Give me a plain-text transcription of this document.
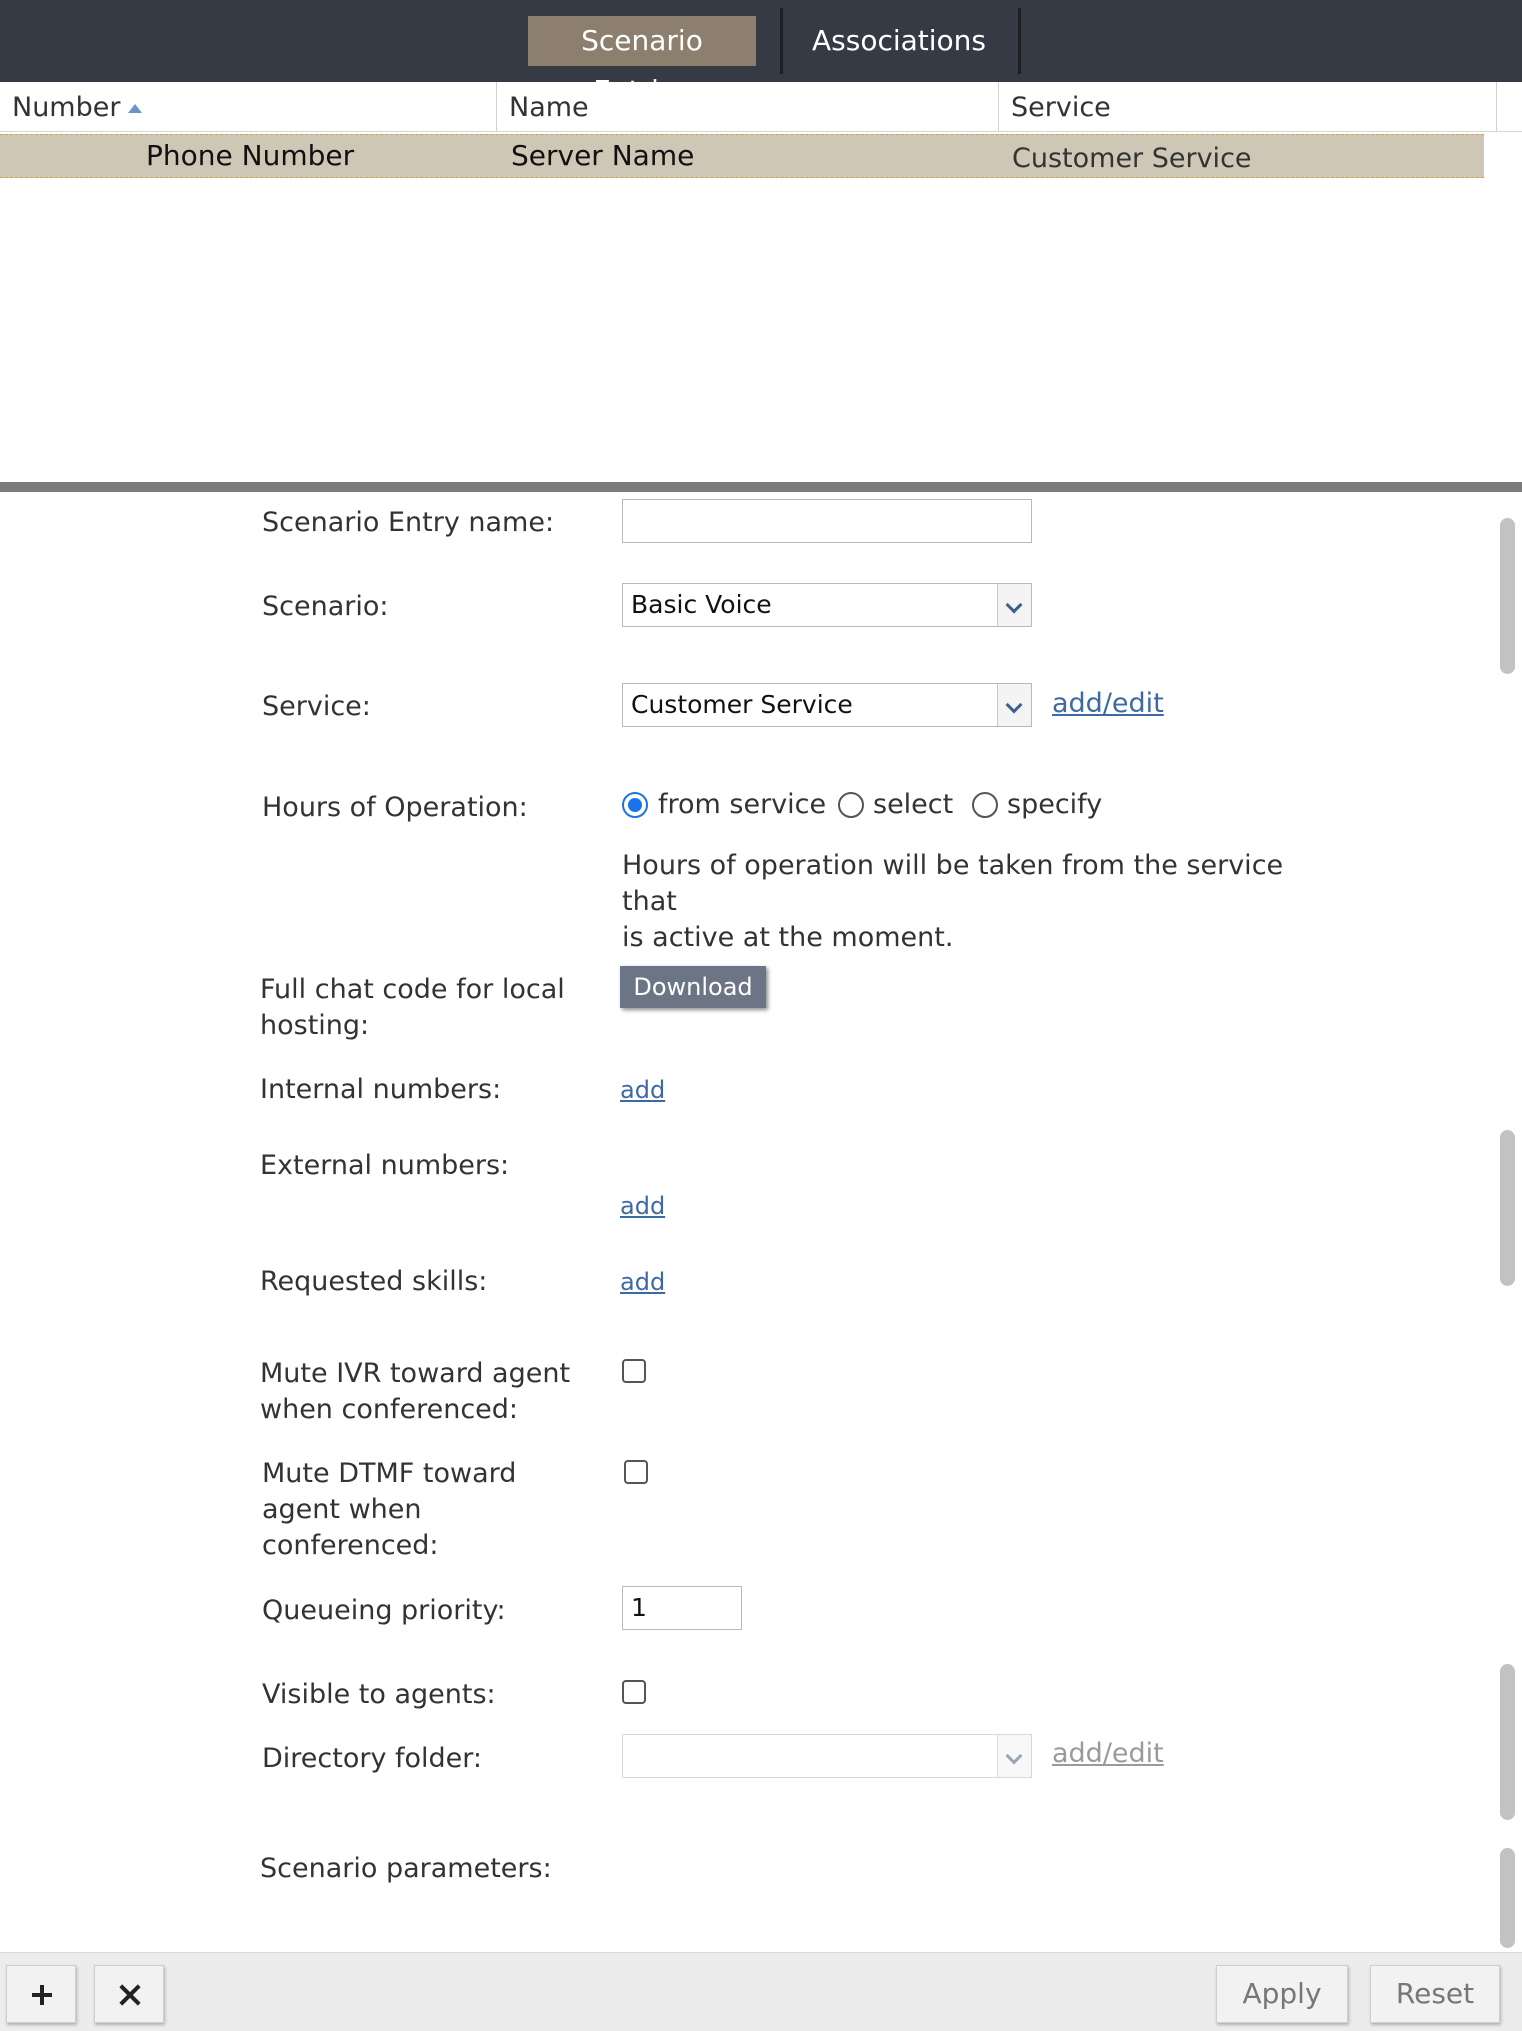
Scenario	Associations
Number	Name	Service
Phone Number	Server Name	Customer Service
Scenario Entry name:
Scenario:	Basic Voice
Service:	Customer Service	add/edit
Hours of Operation:	from service select specify
Hours of operation will be taken from the service that
is active at the moment.
Full chat code for local
hosting:
Download
Internal numbers:	add
External numbers:
add
Requested skills:	add
Mute IVR toward agent
when conferenced:
Mute DTMF toward
agent when
conferenced:
Queueing priority:	1
Visible to agents:
Directory folder:	add/edit
Scenario parameters:
Apply	Reset
